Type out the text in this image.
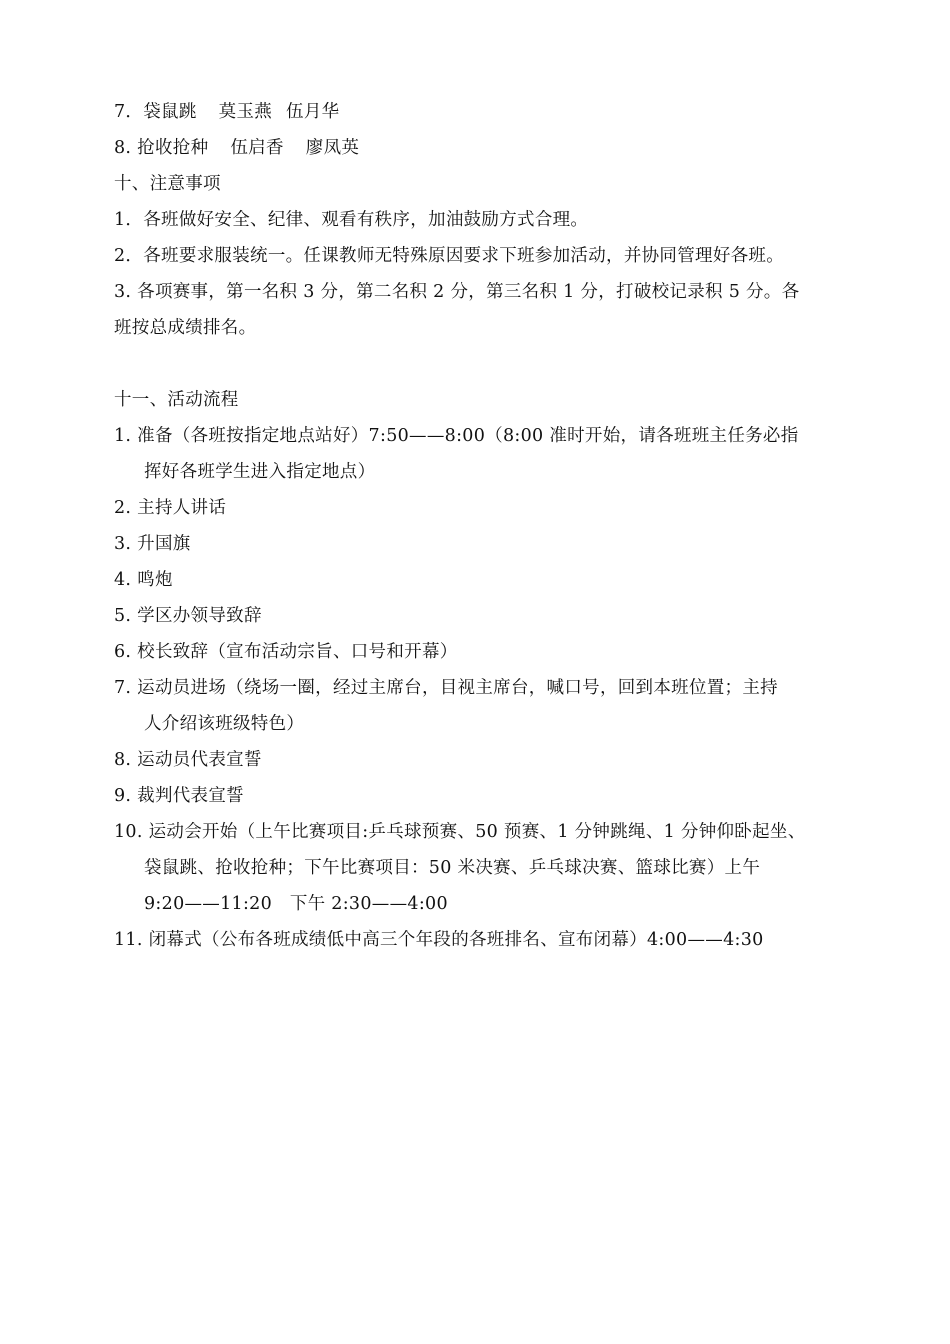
7．袋鼠跳 莫玉燕 伍月华
8. 抢收抢种 伍启香 廖凤英
十、注意事项
1．各班做好安全、纪律、观看有秩序，加油鼓励方式合理。
2．各班要求服装统一。任课教师无特殊原因要求下班参加活动，并协同管理好各班。
3. 各项赛事，第一名积 3 分，第二名积 2 分，第三名积 1 分，打破校记录积 5 分。各
班按总成绩排名。
十一、活动流程
1. 准备（各班按指定地点站好）7:50——8:00（8:00 准时开始，请各班班主任务必指
挥好各班学生进入指定地点）
2. 主持人讲话
3. 升国旗
4. 鸣炮
5. 学区办领导致辞
6. 校长致辞（宣布活动宗旨、口号和开幕）
7. 运动员进场（绕场一圈，经过主席台，目视主席台，喊口号，回到本班位置；主持
人介绍该班级特色）
8. 运动员代表宣誓
9. 裁判代表宣誓
10. 运动会开始（上午比赛项目:乒乓球预赛、50 预赛、1 分钟跳绳、1 分钟仰卧起坐、
袋鼠跳、抢收抢种；下午比赛项目：50 米决赛、乒乓球决赛、篮球比赛）上午
9:20——11:20　下午 2:30——4:00
11. 闭幕式（公布各班成绩低中高三个年段的各班排名、宣布闭幕）4:00——4:30
